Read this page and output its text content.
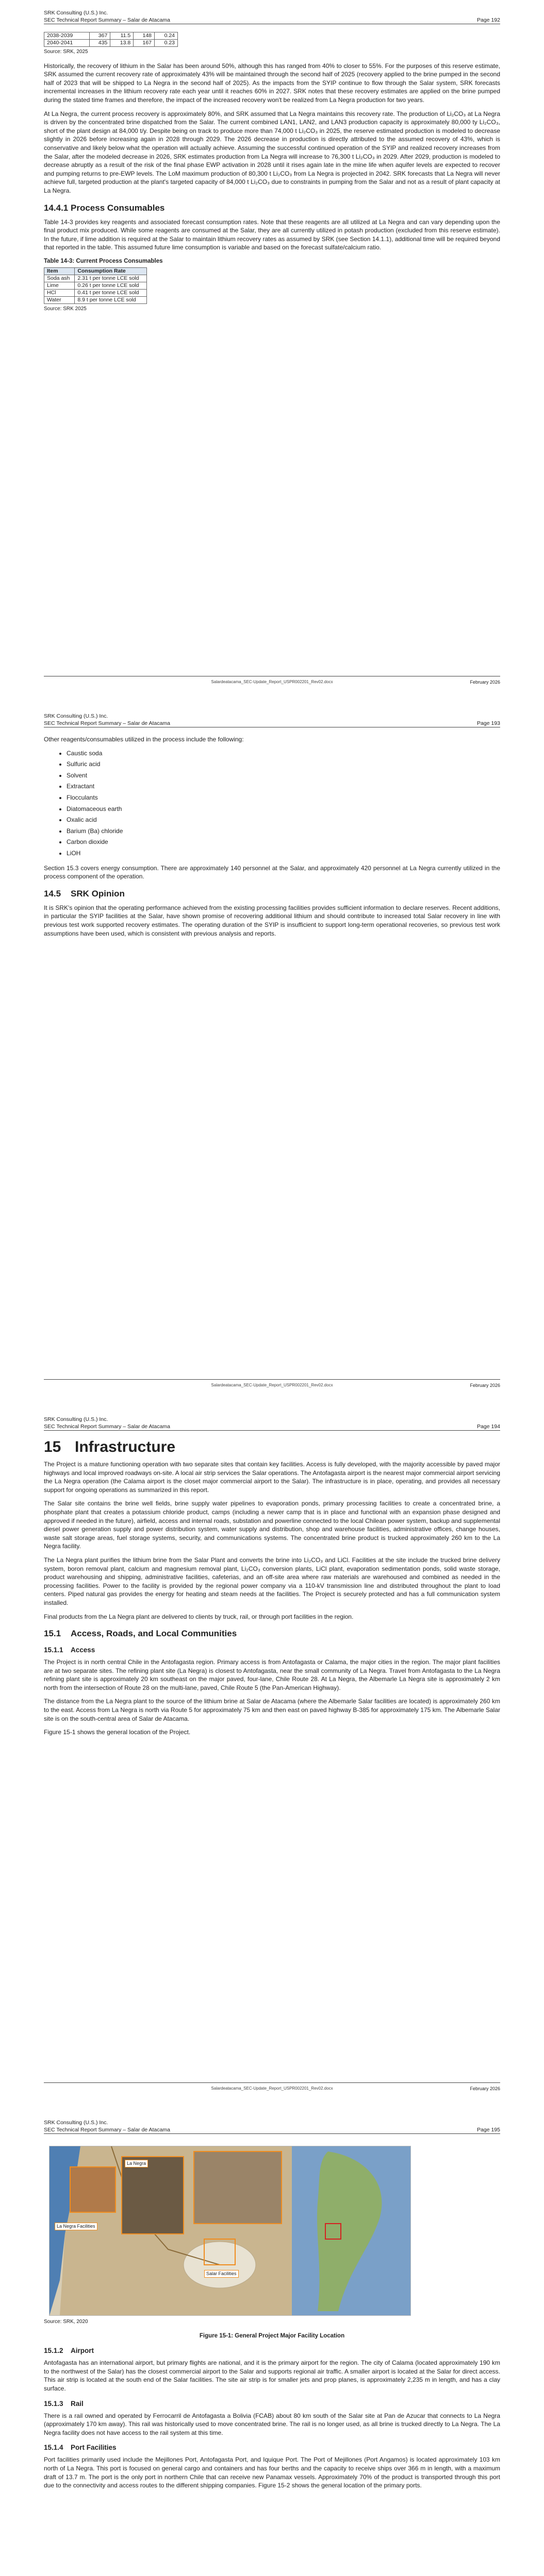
SRK Consulting (U.S.) Inc.
SEC Technical Report Summary – Salar de Atacama	Page 192
2038-2039	367	11.5	148	0.24
2040-2041	435	13.8	167	0.23
Source: SRK, 2025

Historically, the recovery of lithium in the Salar has been around 50%, although this has ranged from 40% to closer to 55%. For the purposes of this reserve estimate, SRK assumed the current recovery rate of approximately 43% will be maintained through the second half of 2025 (recovery applied to the brine pumped in the second half of 2023 that will be shipped to La Negra in the second half of 2025). As the impacts from the SYIP continue to flow through the Salar system, SRK forecasts incremental increases in the lithium recovery rate each year until it reaches 60% in 2027. SRK notes that these recovery estimates are applied on the brine pumped during the stated time frames and therefore, the impact of the increased recovery won't be realized from La Negra production for two years.

At La Negra, the current process recovery is approximately 80%, and SRK assumed that La Negra maintains this recovery rate. The production of Li₂CO₃ at La Negra is driven by the concentrated brine dispatched from the Salar. The current combined LAN1, LAN2, and LAN3 production capacity is approximately 80,000 ty Li₂CO₃, short of the plant design at 84,000 t/y. Despite being on track to produce more than 74,000 t Li₂CO₃ in 2025, the reserve estimated production is modeled to decrease slightly in 2026 before increasing again in 2028 through 2029. The 2026 decrease in production is directly attributed to the assumed recovery of 43%, which is conservative and likely below what the operation will actually achieve. Assuming the successful continued operation of the SYIP and realized recovery increases from the Salar, after the modeled decrease in 2026, SRK estimates production from La Negra will increase to 76,300 t Li₂CO₃ in 2029. After 2029, production is modeled to decrease abruptly as a result of the risk of the final phase EWP activation in 2028 until it rises again late in the mine life when aquifer levels are expected to recover and pumping returns to pre-EWP levels. The LoM maximum production of 80,300 t Li₂CO₃ from La Negra is projected in 2042. SRK forecasts that La Negra will never achieve full, targeted production at the plant's targeted capacity of 84,000 t Li₂CO₃ due to constraints in pumping from the Salar and not as a result of plant capacity at La Negra.

14.4.1 Process Consumables

Table 14-3 provides key reagents and associated forecast consumption rates. Note that these reagents are all utilized at La Negra and can vary depending upon the final product mix produced. While some reagents are consumed at the Salar, they are all currently utilized in potash production (excluded from this reserve estimate). In the future, if lime addition is required at the Salar to maintain lithium recovery rates as assumed by SRK (see Section 14.1.1), additional time will be required beyond that reported in the table. This assumed future lime consumption is variable and based on the forecast sulfate/calcium ratio.

Table 14-3: Current Process Consumables
Item	Consumption Rate
Soda ash	2.31 t per tonne LCE sold
Lime	0.26 t per tonne LCE sold
HCl	0.41 t per tonne LCE sold
Water	8.9 t per tonne LCE sold
Source: SRK 2025
Salardeatacama_SEC-Update_Report_USPR002201_Rev02.docx	February 2026
SRK Consulting (U.S.) Inc.
SEC Technical Report Summary – Salar de Atacama	Page 193

Other reagents/consumables utilized in the process include the following:

• Caustic soda
• Sulfuric acid
• Solvent
• Extractant
• Flocculants
• Diatomaceous earth
• Oxalic acid
• Barium (Ba) chloride
• Carbon dioxide
• LiOH

Section 15.3 covers energy consumption. There are approximately 140 personnel at the Salar, and approximately 420 personnel at La Negra currently utilized in the process component of the operation.

14.5 SRK Opinion

It is SRK's opinion that the operating performance achieved from the existing processing facilities provides sufficient information to declare reserves. Recent additions, in particular the SYIP facilities at the Salar, have shown promise of recovering additional lithium and should contribute to increased total Salar recovery in line with previous test work supported recovery estimates. The operating duration of the SYIP is insufficient to support long-term operational recoveries, so previous test work assumptions have been used, which is consistent with previous analysis and reports.

Salardeatacama_SEC-Update_Report_USPR002201_Rev02.docx	February 2026
SRK Consulting (U.S.) Inc.
SEC Technical Report Summary – Salar de Atacama	Page 194
15 Infrastructure

The Project is a mature functioning operation with two separate sites that contain key facilities. Access is fully developed, with the majority accessible by paved major highways and local improved roadways on-site. A local air strip services the Salar operations. The Antofagasta airport is the nearest major commercial airport servicing the La Negra operation (the Calama airport is the closet major commercial airport to the Salar). The infrastructure is in place, operating, and provides all necessary support for ongoing operations as summarized in this report.

The Salar site contains the brine well fields, brine supply water pipelines to evaporation ponds, primary processing facilities to create a concentrated brine, a phosphate plant that creates a potassium chloride product, camps (including a newer camp that is in place and functional with an expansion phase designed and approved if needed in the future), airfield, access and internal roads, substation and powerline connected to the local Chilean power system, backup and supplemental diesel power generation supply and power distribution system, water supply and distribution, shop and warehouse facilities, administrative offices, change houses, waste salt storage areas, fuel storage systems, security, and communications systems. The concentrated brine product is trucked approximately 260 km to the La Negra facility.

The La Negra plant purifies the lithium brine from the Salar Plant and converts the brine into Li₂CO₃ and LiCl. Facilities at the site include the trucked brine delivery system, boron removal plant, calcium and magnesium removal plant, Li₂CO₃ conversion plants, LiCl plant, evaporation sedimentation ponds, solid waste storage, product warehousing and shipping, administrative facilities, cafeterias, and an off-site area where raw materials are warehoused and combined as needed in the processing facilities. Power to the facility is provided by the regional power company via a 110-kV transmission line and distributed throughout the plant to load centers. Piped natural gas provides the energy for heating and steam needs at the facilities. The Project is securely protected and has a full communication system installed.

Final products from the La Negra plant are delivered to clients by truck, rail, or through port facilities in the region.

15.1 Access, Roads, and Local Communities
15.1.1 Access

The Project is in north central Chile in the Antofagasta region. Primary access is from Antofagasta or Calama, the major cities in the region. The major plant facilities are at two separate sites. The refining plant site (La Negra) is closest to Antofagasta, near the small community of La Negra. Travel from Antofagasta to the La Negra refining plant site is approximately 20 km southeast on the major paved, four-lane, Chile Route 28. At La Negra, the Albemarle La Negra site is approximately 2 km north from the intersection of Route 28 on the multi-lane, paved, Chile Route 5 (the Pan-American Highway).

The distance from the La Negra plant to the source of the lithium brine at Salar de Atacama (where the Albemarle Salar facilities are located) is approximately 260 km to the east. Access from La Negra is north via Route 5 for approximately 75 km and then east on paved highway B-385 for approximately 175 km. The Albemarle Salar site is on the south-central area of Salar de Atacama.

Figure 15-1 shows the general location of the Project.

Salardeatacama_SEC-Update_Report_USPR002201_Rev02.docx	February 2026
SRK Consulting (U.S.) Inc.
SEC Technical Report Summary – Salar de Atacama	Page 195
La Negra Facilities
Salar Facilities
La Negra
Source: SRK, 2020
Figure 15-1: General Project Major Facility Location
15.1.2 Airport

Antofagasta has an international airport, but primary flights are national, and it is the primary airport for the region. The city of Calama (located approximately 190 km to the northwest of the Salar) has the closest commercial airport to the Salar and supports regional air traffic. A smaller airport is located at the Salar for direct access. This air strip is located at the south end of the Salar facilities. The site air strip is for smaller jets and prop planes, is approximately 2,235 m in length, and has a clay surface.

15.1.3 Rail

There is a rail owned and operated by Ferrocarril de Antofagasta a Bolivia (FCAB) about 80 km south of the Salar site at Pan de Azucar that connects to La Negra (approximately 170 km away). This rail was historically used to move concentrated brine. The rail is no longer used, as all brine is trucked directly to La Negra. The La Negra facility does not have access to the rail system at this time.

15.1.4 Port Facilities

Port facilities primarily used include the Mejillones Port, Antofagasta Port, and Iquique Port. The Port of Mejillones (Port Angamos) is located approximately 103 km north of La Negra. This port is focused on general cargo and containers and has four berths and the capacity to receive ships over 366 m in length, with a maximum draft of 13.7 m. The port is the only port in northern Chile that can receive new Panamax vessels. Approximately 70% of the product is transported through this port due to the connectivity and access routes to the different shipping companies. Figure 15-2 shows the general location of the primary ports.
